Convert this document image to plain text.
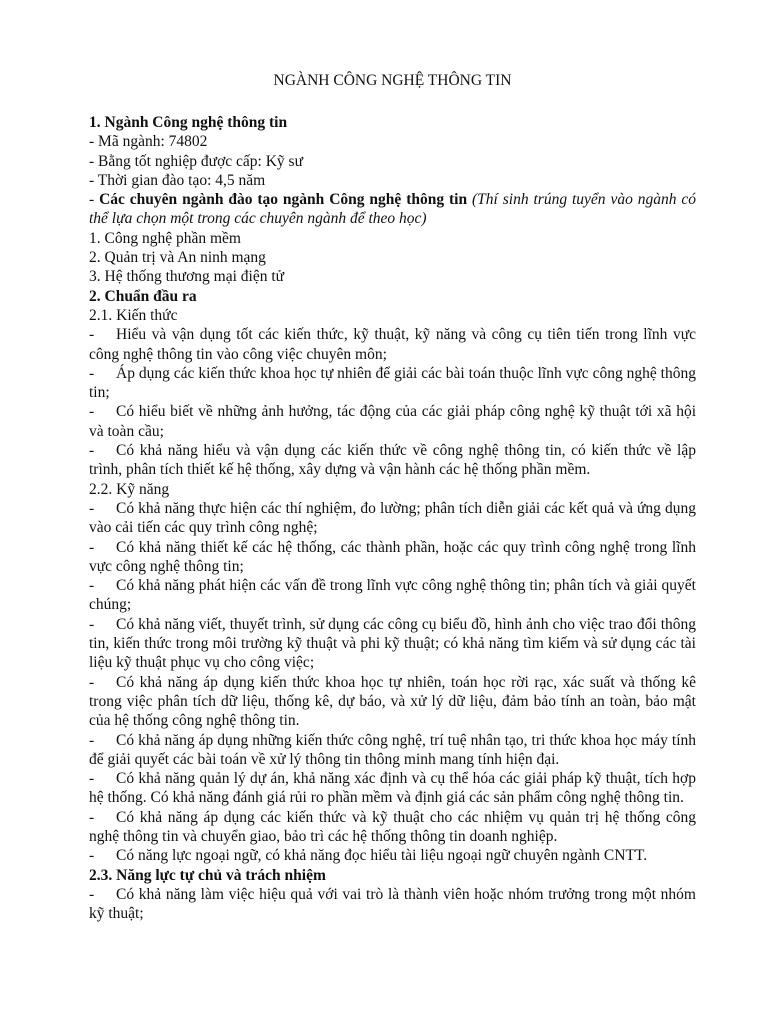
NGÀNH CÔNG NGHỆ THÔNG TIN

1. Ngành Công nghệ thông tin

- Mã ngành: 74802

- Bằng tốt nghiệp được cấp: Kỹ sư

- Thời gian đào tạo: 4,5 năm

- Các chuyên ngành đào tạo ngành Công nghệ thông tin (Thí sinh trúng tuyển vào ngành có thể lựa chọn một trong các chuyên ngành để theo học)

1. Công nghệ phần mềm

2. Quản trị và An ninh mạng

3. Hệ thống thương mại điện tử

2. Chuẩn đầu ra

2.1. Kiến thức

- Hiểu và vận dụng tốt các kiến thức, kỹ thuật, kỹ năng và công cụ tiên tiến trong lĩnh vực công nghệ thông tin vào công việc chuyên môn;

- Áp dụng các kiến thức khoa học tự nhiên để giải các bài toán thuộc lĩnh vực công nghệ thông tin;

- Có hiểu biết về những ảnh hưởng, tác động của các giải pháp công nghệ kỹ thuật tới xã hội và toàn cầu;

- Có khả năng hiểu và vận dụng các kiến thức về công nghệ thông tin, có kiến thức về lập trình, phân tích thiết kế hệ thống, xây dựng và vận hành các hệ thống phần mềm.

2.2. Kỹ năng

- Có khả năng thực hiện các thí nghiệm, đo lường; phân tích diễn giải các kết quả và ứng dụng vào cải tiến các quy trình công nghệ;

- Có khả năng thiết kế các hệ thống, các thành phần, hoặc các quy trình công nghệ trong lĩnh vực công nghệ thông tin;

- Có khả năng phát hiện các vấn đề trong lĩnh vực công nghệ thông tin; phân tích và giải quyết chúng;

- Có khả năng viết, thuyết trình, sử dụng các công cụ biểu đồ, hình ảnh cho việc trao đổi thông tin, kiến thức trong môi trường kỹ thuật và phi kỹ thuật; có khả năng tìm kiếm và sử dụng các tài liệu kỹ thuật phục vụ cho công việc;

- Có khả năng áp dụng kiến thức khoa học tự nhiên, toán học rời rạc, xác suất và thống kê trong việc phân tích dữ liệu, thống kê, dự báo, và xử lý dữ liệu, đảm bảo tính an toàn, bảo mật của hệ thống công nghệ thông tin.

- Có khả năng áp dụng những kiến thức công nghệ, trí tuệ nhân tạo, tri thức khoa học máy tính để giải quyết các bài toán về xử lý thông tin thông minh mang tính hiện đại.

- Có khả năng quản lý dự án, khả năng xác định và cụ thể hóa các giải pháp kỹ thuật, tích hợp hệ thống. Có khả năng đánh giá rủi ro phần mềm và định giá các sản phẩm công nghệ thông tin.

- Có khả năng áp dụng các kiến thức và kỹ thuật cho các nhiệm vụ quản trị hệ thống công nghệ thông tin và chuyển giao, bảo trì các hệ thống thông tin doanh nghiệp.

- Có năng lực ngoại ngữ, có khả năng đọc hiểu tài liệu ngoại ngữ chuyên ngành CNTT.

2.3. Năng lực tự chủ và trách nhiệm

- Có khả năng làm việc hiệu quả với vai trò là thành viên hoặc nhóm trưởng trong một nhóm kỹ thuật;
